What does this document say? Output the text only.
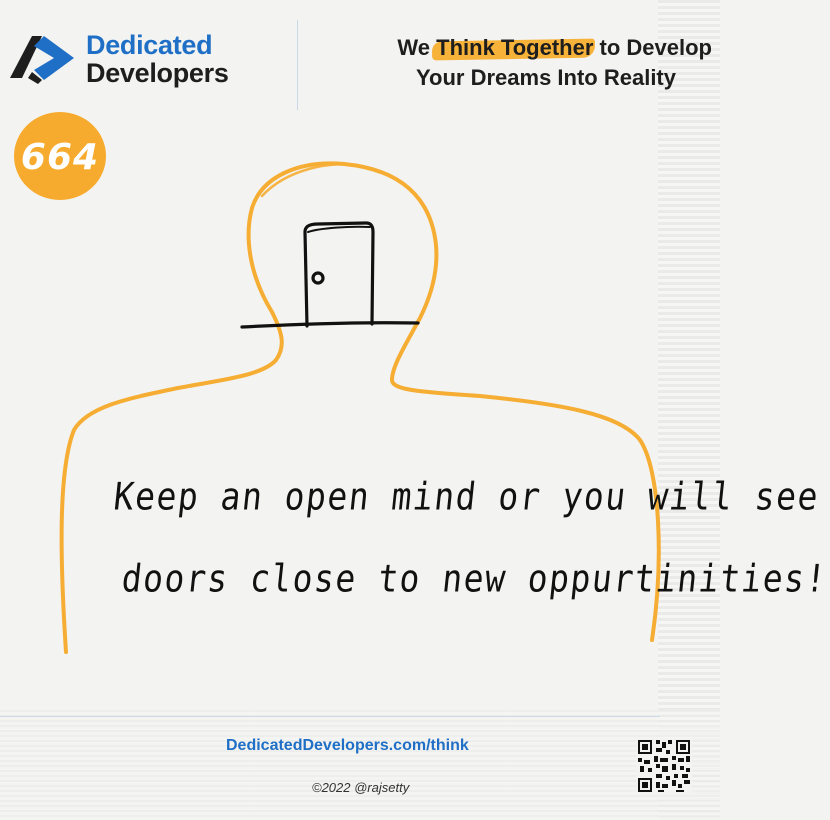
Dedicated
Developers
We Think Together to Develop
Your Dreams Into Reality
664
Keep an open mind or you will see
doors close to new oppurtinities!
DedicatedDevelopers.com/think
©2022 @rajsetty
